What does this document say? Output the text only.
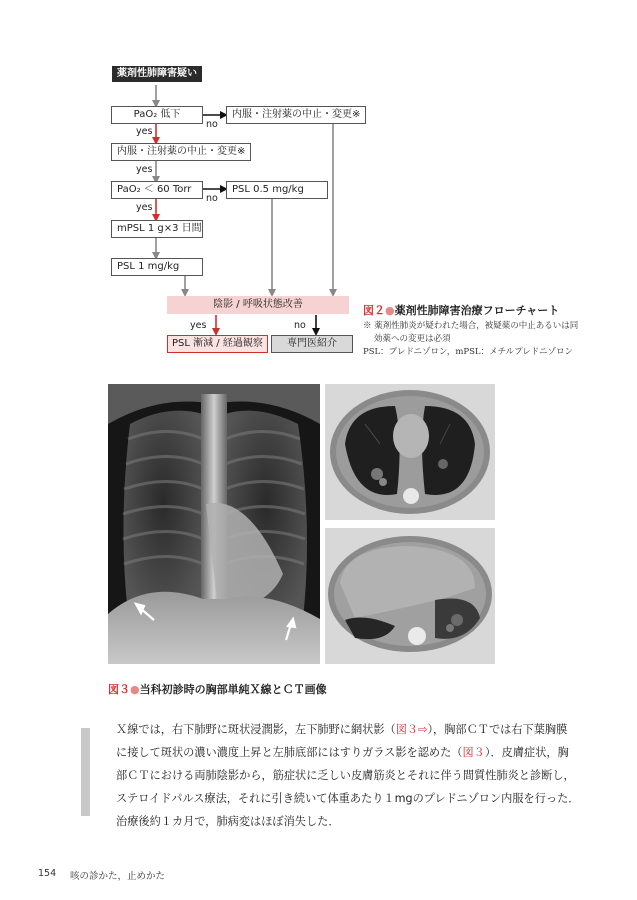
薬剤性肺障害疑い
PaO₂ 低下	内服・注射薬の中止・変更※
no
yes
内服・注射薬の中止・変更※
yes
PaO₂ ＜ 60 Torr	PSL 0.5 mg/kg
no
yes
mPSL 1 g×3 日間
PSL 1 mg/kg
陰影 / 呼吸状態改善
yes	no
PSL 漸減 / 経過観察	専門医紹介
図２●薬剤性肺障害治療フローチャート
※ 薬剤性肺炎が疑われた場合，被疑薬の中止あるいは同
効薬への変更は必須
PSL：プレドニゾロン，mPSL：メチルプレドニゾロン
図３●当科初診時の胸部単純Ｘ線とＣＴ画像
Ｘ線では，右下肺野に斑状浸潤影，左下肺野に網状影（図３⇨），胸部ＣＴでは右下葉胸膜
に接して斑状の濃い濃度上昇と左肺底部にはすりガラス影を認めた（図３）．皮膚症状，胸
部ＣＴにおける両肺陰影から，筋症状に乏しい皮膚筋炎とそれに伴う間質性肺炎と診断し，
ステロイドパルス療法，それに引き続いて体重あたり１mgのプレドニゾロン内服を行った．
治療後約１カ月で，肺病変はほぼ消失した．
154 咳の診かた，止めかた
